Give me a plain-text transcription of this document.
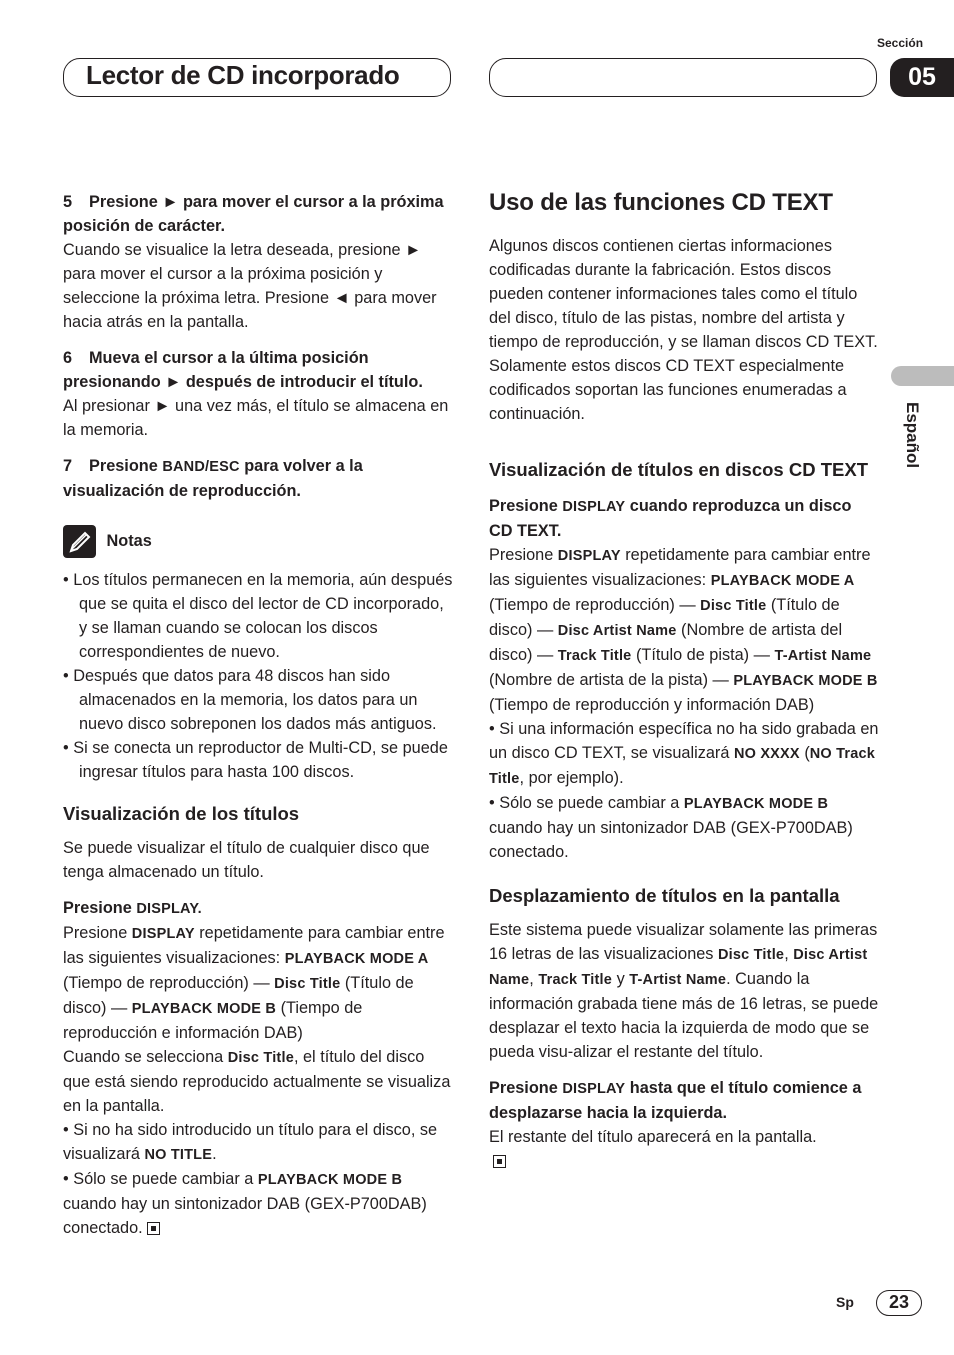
Lector de CD incorporado
Sección
05
Español

5 Presione ► para mover el cursor a la próxima posición de carácter.

Cuando se visualice la letra deseada, presione ► para mover el cursor a la próxima posición y seleccione la próxima letra. Presione ◄ para mover hacia atrás en la pantalla.

6 Mueva el cursor a la última posición presionando ► después de introducir el título.

Al presionar ► una vez más, el título se almacena en la memoria.

7 Presione BAND/ESC para volver a la visualización de reproducción.

Notas

• Los títulos permanecen en la memoria, aún después que se quita el disco del lector de CD incorporado, y se llaman cuando se colocan los discos correspondientes de nuevo.

• Después que datos para 48 discos han sido almacenados en la memoria, los datos para un nuevo disco sobreponen los dados más antiguos.

• Si se conecta un reproductor de Multi-CD, se puede ingresar títulos para hasta 100 discos.

Visualización de los títulos

Se puede visualizar el título de cualquier disco que tenga almacenado un título.

Presione DISPLAY.

Presione DISPLAY repetidamente para cambiar entre las siguientes visualizaciones: PLAYBACK MODE A (Tiempo de reproducción) — Disc Title (Título de disco) — PLAYBACK MODE B (Tiempo de reproducción e información DAB)

Cuando se selecciona Disc Title, el título del disco que está siendo reproducido actualmente se visualiza en la pantalla.

• Si no ha sido introducido un título para el disco, se visualizará NO TITLE.

• Sólo se puede cambiar a PLAYBACK MODE B cuando hay un sintonizador DAB (GEX-P700DAB) conectado.

Uso de las funciones CD TEXT

Algunos discos contienen ciertas informaciones codificadas durante la fabricación. Estos discos pueden contener informaciones tales como el título del disco, título de las pistas, nombre del artista y tiempo de reproducción, y se llaman discos CD TEXT. Solamente estos discos CD TEXT especialmente codificados soportan las funciones enumeradas a continuación.

Visualización de títulos en discos CD TEXT

Presione DISPLAY cuando reproduzca un disco CD TEXT.

Presione DISPLAY repetidamente para cambiar entre las siguientes visualizaciones: PLAYBACK MODE A (Tiempo de reproducción) — Disc Title (Título de disco) — Disc Artist Name (Nombre de artista del disco) — Track Title (Título de pista) — T-Artist Name (Nombre de artista de la pista) — PLAYBACK MODE B (Tiempo de reproducción y información DAB)

• Si una información específica no ha sido grabada en un disco CD TEXT, se visualizará NO XXXX (NO Track Title, por ejemplo).

• Sólo se puede cambiar a PLAYBACK MODE B cuando hay un sintonizador DAB (GEX-P700DAB) conectado.

Desplazamiento de títulos en la pantalla

Este sistema puede visualizar solamente las primeras 16 letras de las visualizaciones Disc Title, Disc Artist Name, Track Title y T-Artist Name. Cuando la información grabada tiene más de 16 letras, se puede desplazar el texto hacia la izquierda de modo que se pueda visu-alizar el restante del título.

Presione DISPLAY hasta que el título comience a desplazarse hacia la izquierda.

El restante del título aparecerá en la pantalla.

Sp	23
